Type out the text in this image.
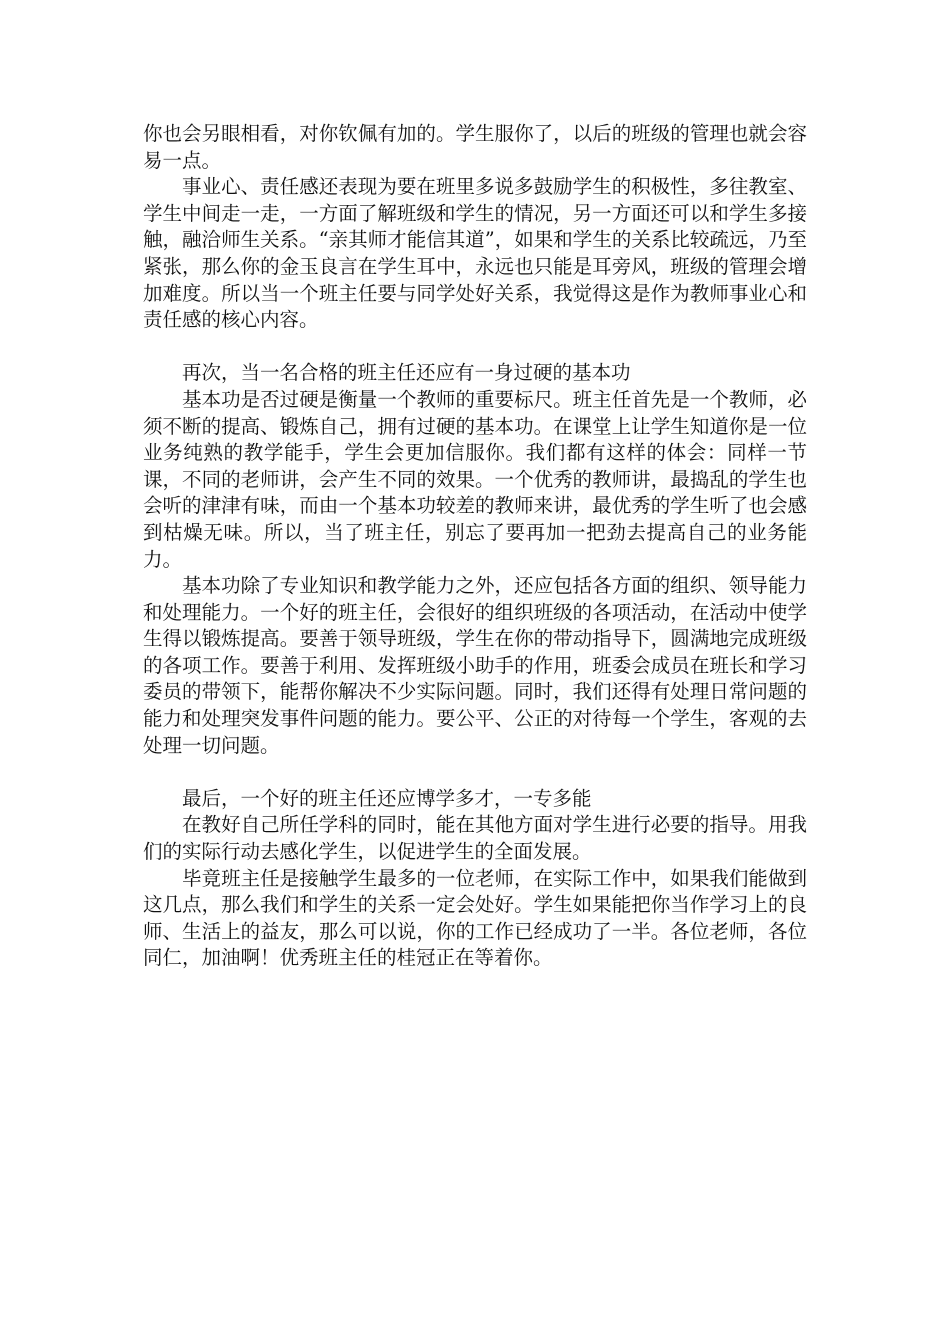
你也会另眼相看，对你钦佩有加的。学生服你了，以后的班级的管理也就会容易一点。

事业心、责任感还表现为要在班里多说多鼓励学生的积极性，多往教室、学生中间走一走，一方面了解班级和学生的情况，另一方面还可以和学生多接触，融洽师生关系。“亲其师才能信其道”，如果和学生的关系比较疏远，乃至紧张，那么你的金玉良言在学生耳中，永远也只能是耳旁风，班级的管理会增加难度。所以当一个班主任要与同学处好关系，我觉得这是作为教师事业心和责任感的核心内容。

再次，当一名合格的班主任还应有一身过硬的基本功

基本功是否过硬是衡量一个教师的重要标尺。班主任首先是一个教师，必须不断的提高、锻炼自己，拥有过硬的基本功。在课堂上让学生知道你是一位业务纯熟的教学能手，学生会更加信服你。我们都有这样的体会：同样一节课，不同的老师讲，会产生不同的效果。一个优秀的教师讲，最捣乱的学生也会听的津津有味，而由一个基本功较差的教师来讲，最优秀的学生听了也会感到枯燥无味。所以，当了班主任，别忘了要再加一把劲去提高自己的业务能力。

基本功除了专业知识和教学能力之外，还应包括各方面的组织、领导能力和处理能力。一个好的班主任，会很好的组织班级的各项活动，在活动中使学生得以锻炼提高。要善于领导班级，学生在你的带动指导下，圆满地完成班级的各项工作。要善于利用、发挥班级小助手的作用，班委会成员在班长和学习委员的带领下，能帮你解决不少实际问题。同时，我们还得有处理日常问题的能力和处理突发事件问题的能力。要公平、公正的对待每一个学生，客观的去处理一切问题。

最后，一个好的班主任还应博学多才，一专多能

在教好自己所任学科的同时，能在其他方面对学生进行必要的指导。用我们的实际行动去感化学生，以促进学生的全面发展。

毕竟班主任是接触学生最多的一位老师，在实际工作中，如果我们能做到这几点，那么我们和学生的关系一定会处好。学生如果能把你当作学习上的良师、生活上的益友，那么可以说，你的工作已经成功了一半。各位老师，各位同仁，加油啊！优秀班主任的桂冠正在等着你。
